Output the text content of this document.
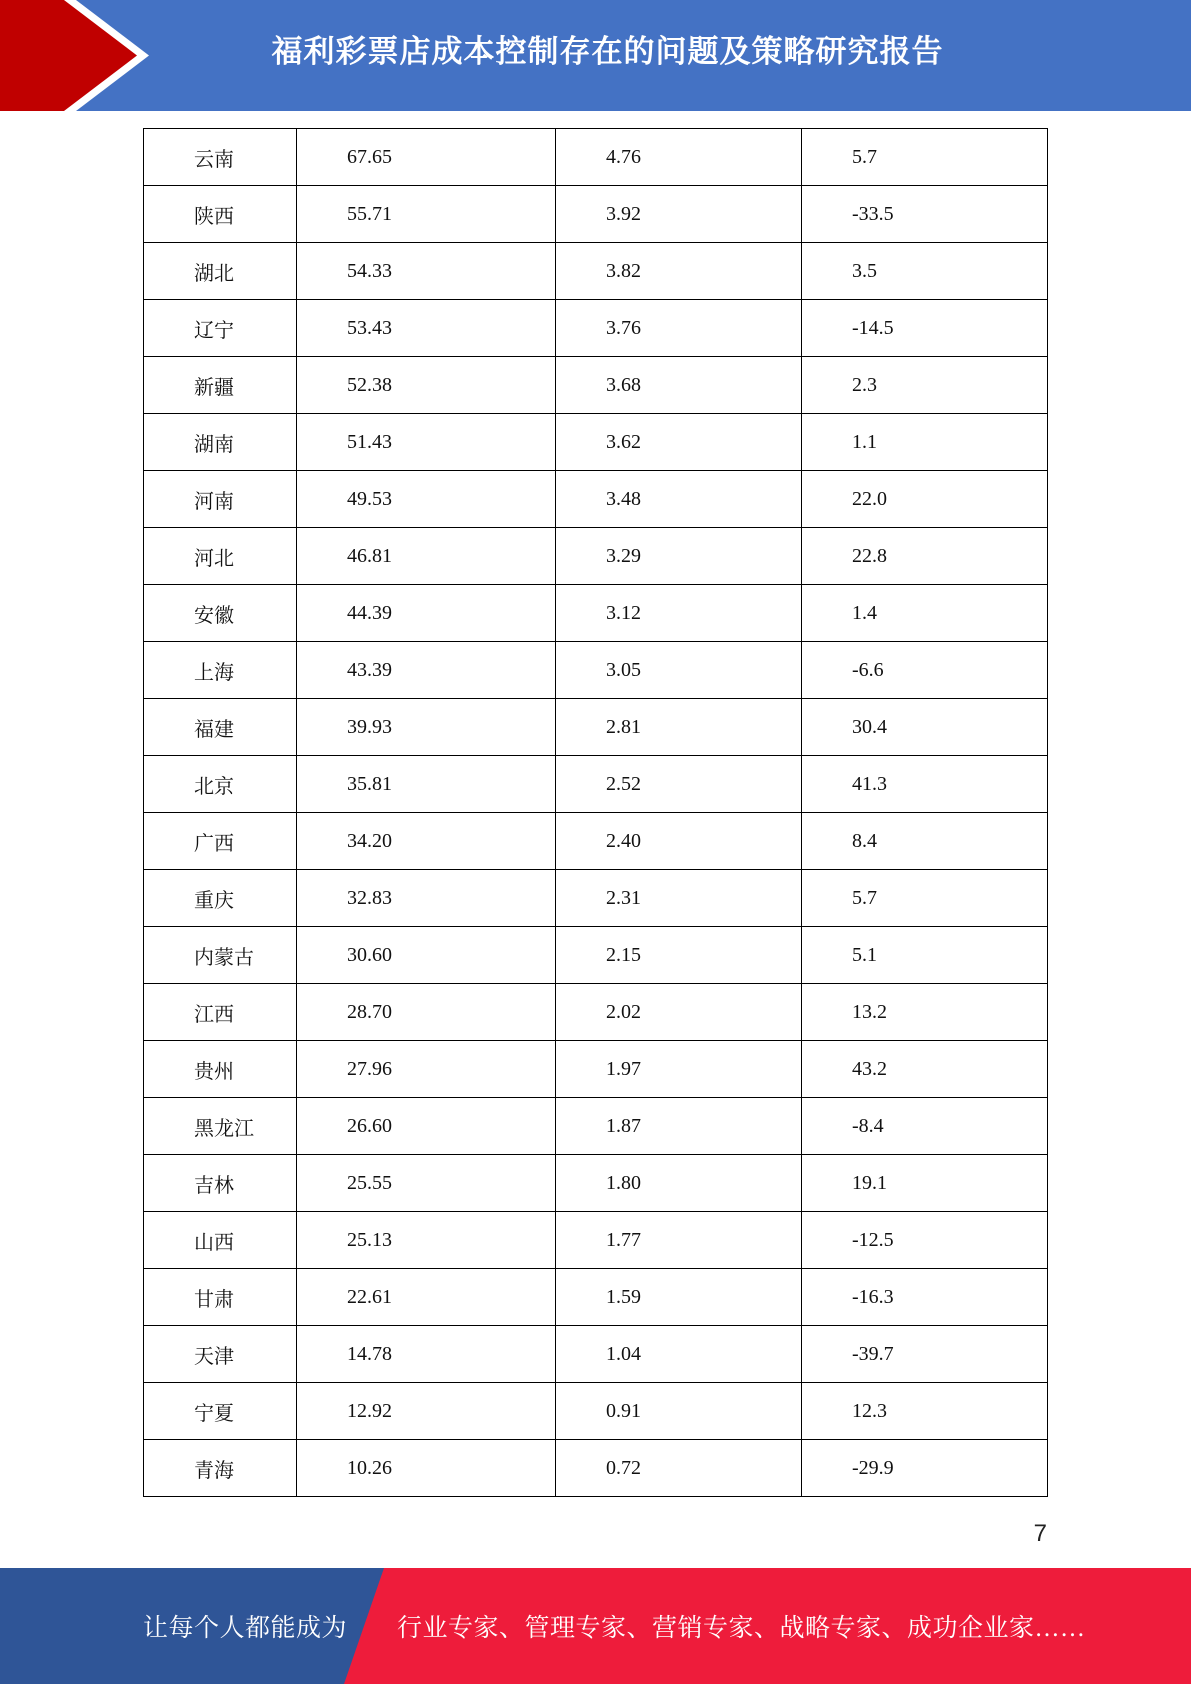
福利彩票店成本控制存在的问题及策略研究报告
云南	67.65	4.76	5.7
陕西	55.71	3.92	-33.5
湖北	54.33	3.82	3.5
辽宁	53.43	3.76	-14.5
新疆	52.38	3.68	2.3
湖南	51.43	3.62	1.1
河南	49.53	3.48	22.0
河北	46.81	3.29	22.8
安徽	44.39	3.12	1.4
上海	43.39	3.05	-6.6
福建	39.93	2.81	30.4
北京	35.81	2.52	41.3
广西	34.20	2.40	8.4
重庆	32.83	2.31	5.7
内蒙古	30.60	2.15	5.1
江西	28.70	2.02	13.2
贵州	27.96	1.97	43.2
黑龙江	26.60	1.87	-8.4
吉林	25.55	1.80	19.1
山西	25.13	1.77	-12.5
甘肃	22.61	1.59	-16.3
天津	14.78	1.04	-39.7
宁夏	12.92	0.91	12.3
青海	10.26	0.72	-29.9
7
让每个人都能成为 行业专家、管理专家、营销专家、战略专家、成功企业家……
